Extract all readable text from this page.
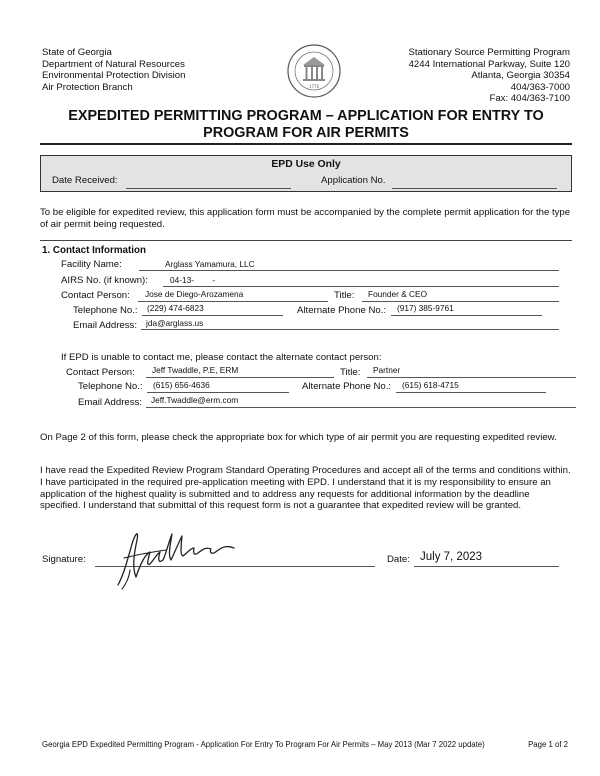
State of Georgia
Department of Natural Resources
Environmental Protection Division
Air Protection Branch	1776
Stationary Source Permitting Program
4244 International Parkway, Suite 120
Atlanta, Georgia 30354
404/363-7000
Fax: 404/363-7100
EXPEDITED PERMITTING PROGRAM – APPLICATION FOR ENTRY TO
PROGRAM FOR AIR PERMITS
EPD Use Only
Date Received:	Application No.
To be eligible for expedited review, this application form must be accompanied by the complete permit application for the type of air permit being requested.
1. Contact Information
Facility Name:	Arglass Yamamura, LLC
AIRS No. (if known):	04-13-        -
Contact Person: Jose de Diego-Arozamena	Title: Founder & CEO
Telephone No.: (229) 474-6823	Alternate Phone No.: (917) 385-9761
Email Address: jda@arglass.us
If EPD is unable to contact me, please contact the alternate contact person:
Contact Person: Jeff Twaddle, P.E, ERM	Title: Partner
Telephone No.: (615) 656-4636	Alternate Phone No.: (615) 618-4715
Email Address: Jeff.Twaddle@erm.com
On Page 2 of this form, please check the appropriate box for which type of air permit you are requesting expedited review.
I have read the Expedited Review Program Standard Operating Procedures and accept all of the terms and conditions within. I have participated in the required pre-application meeting with EPD. I understand that it is my responsibility to ensure an application of the highest quality is submitted and to address any requests for additional information by the deadline specified. I understand that submittal of this request form is not a guarantee that expedited review will be granted.
Signature:	Date: July 7, 2023
Georgia EPD Expedited Permitting Program - Application For Entry To Program For Air Permits – May 2013 (Mar 7 2022 update)	Page 1 of 2
